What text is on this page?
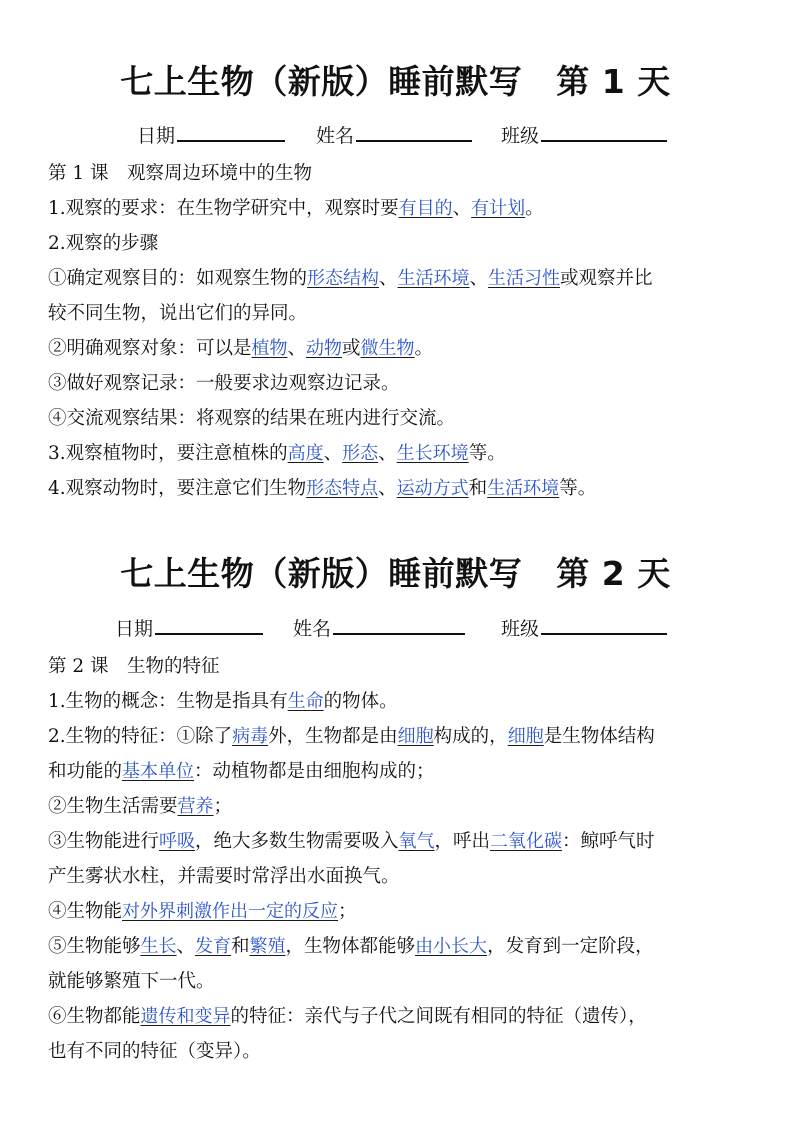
七上生物（新版）睡前默写 第 1 天
日期	姓名	班级
第 1 课　观察周边环境中的生物
1.观察的要求：在生物学研究中，观察时要有目的、有计划。
2.观察的步骤
①确定观察目的：如观察生物的形态结构、生活环境、生活习性或观察并比
较不同生物，说出它们的异同。
②明确观察对象：可以是植物、动物或微生物。
③做好观察记录：一般要求边观察边记录。
④交流观察结果：将观察的结果在班内进行交流。
3.观察植物时，要注意植株的高度、形态、生长环境等。
4.观察动物时，要注意它们生物形态特点、运动方式和生活环境等。
七上生物（新版）睡前默写 第 2 天
日期	姓名	班级
第 2 课　生物的特征
1.生物的概念：生物是指具有生命的物体。
2.生物的特征：①除了病毒外，生物都是由细胞构成的，细胞是生物体结构
和功能的基本单位：动植物都是由细胞构成的；
②生物生活需要营养；
③生物能进行呼吸，绝大多数生物需要吸入氧气，呼出二氧化碳：鲸呼气时
产生雾状水柱，并需要时常浮出水面换气。
④生物能对外界刺激作出一定的反应；
⑤生物能够生长、发育和繁殖，生物体都能够由小长大，发育到一定阶段，
就能够繁殖下一代。
⑥生物都能遗传和变异的特征：亲代与子代之间既有相同的特征（遗传），
也有不同的特征（变异）。
